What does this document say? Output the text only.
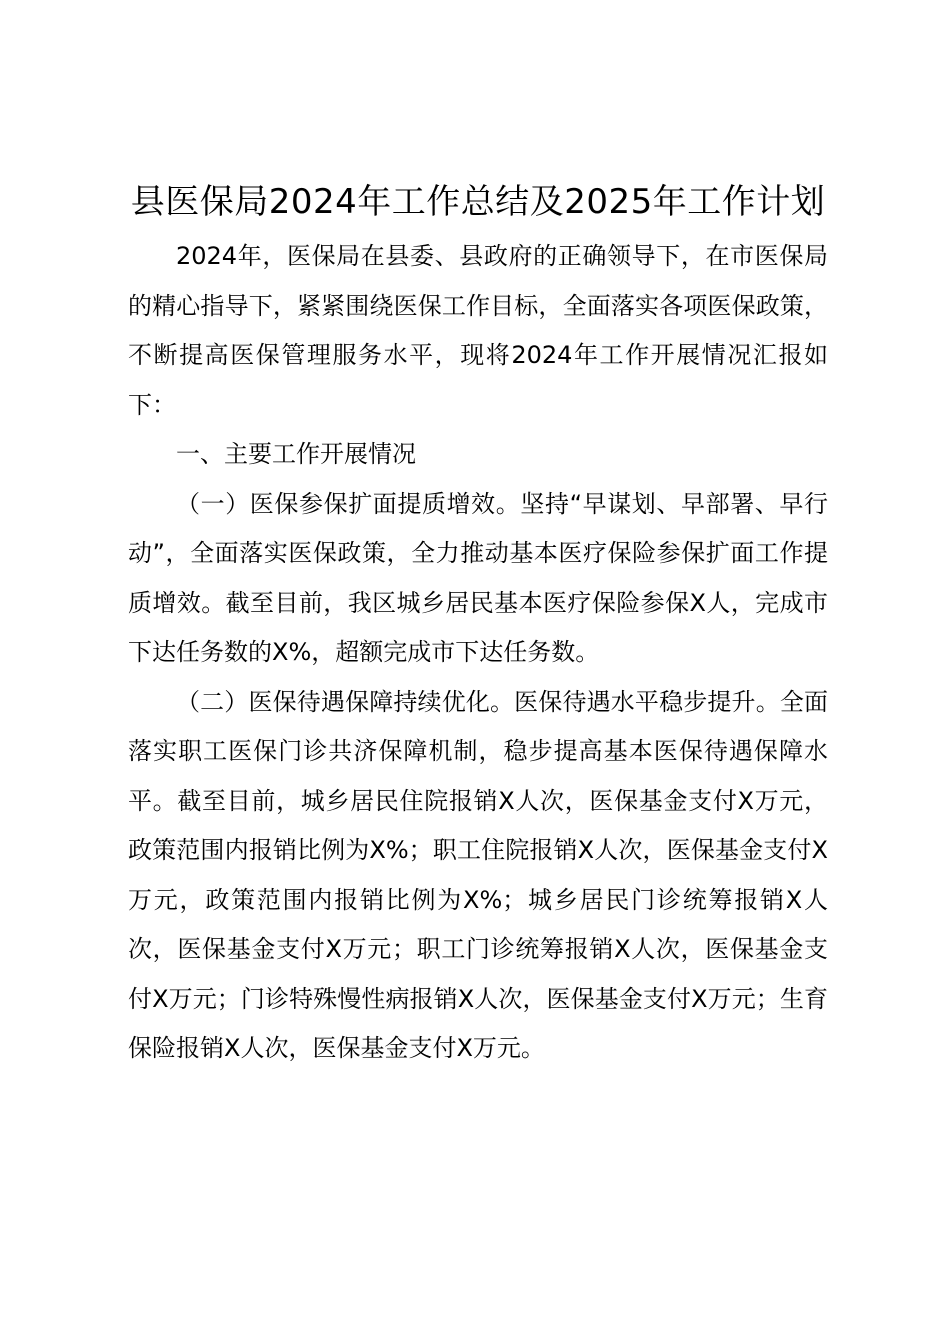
县医保局2024年工作总结及2025年工作计划

2024年，医保局在县委、县政府的正确领导下，在市医保局的精心指导下，紧紧围绕医保工作目标，全面落实各项医保政策，不断提高医保管理服务水平，现将2024年工作开展情况汇报如下：

一、主要工作开展情况

（一）医保参保扩面提质增效。坚持“早谋划、早部署、早行动”，全面落实医保政策，全力推动基本医疗保险参保扩面工作提质增效。截至目前，我区城乡居民基本医疗保险参保X人，完成市下达任务数的X%，超额完成市下达任务数。

（二）医保待遇保障持续优化。医保待遇水平稳步提升。全面落实职工医保门诊共济保障机制，稳步提高基本医保待遇保障水平。截至目前，城乡居民住院报销X人次，医保基金支付X万元，政策范围内报销比例为X%；职工住院报销X人次，医保基金支付X万元，政策范围内报销比例为X%；城乡居民门诊统筹报销X人次，医保基金支付X万元；职工门诊统筹报销X人次，医保基金支付X万元；门诊特殊慢性病报销X人次，医保基金支付X万元；生育保险报销X人次，医保基金支付X万元。
